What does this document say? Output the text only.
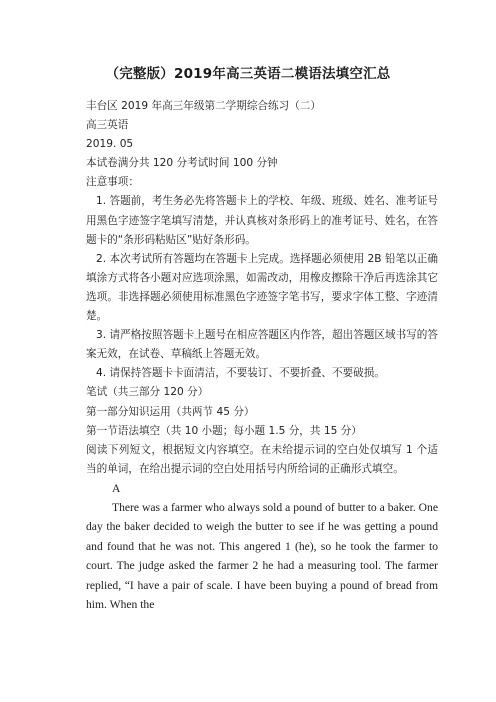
（完整版）2019年高三英语二模语法填空汇总
丰台区 2019 年高三年级第二学期综合练习（二）
高三英语
2019. 05
本试卷满分共 120 分考试时间 100 分钟
注意事项：
1. 答题前，考生务必先将答题卡上的学校、年级、班级、姓名、准考证号用黑色字迹签字笔填写清楚，并认真核对条形码上的准考证号、姓名，在答题卡的“条形码粘贴区”贴好条形码。
2. 本次考试所有答题均在答题卡上完成。选择题必须使用 2B 铅笔以正确填涂方式将各小题对应选项涂黑，如需改动，用橡皮擦除干净后再选涂其它选项。非选择题必须使用标准黑色字迹签字笔书写，要求字体工整、字迹清楚。
3. 请严格按照答题卡上题号在相应答题区内作答，超出答题区域书写的答案无效，在试卷、草稿纸上答题无效。
4. 请保持答题卡卡面清洁，不要装订、不要折叠、不要破损。
笔试（共三部分 120 分）
第一部分知识运用（共两节 45 分）
第一节语法填空（共 10 小题；每小题 1.5 分，共 15 分）
阅读下列短文，根据短文内容填空。在未给提示词的空白处仅填写 1 个适当的单词，在给出提示词的空白处用括号内所给词的正确形式填空。
A
There was a farmer who always sold a pound of butter to a baker. One day the baker decided to weigh the butter to see if he was getting a pound and found that he was not. This angered 1 (he), so he took the farmer to court. The judge asked the farmer 2 he had a measuring tool. The farmer replied, “I have a pair of scale. I have been buying a pound of bread from him. When the
